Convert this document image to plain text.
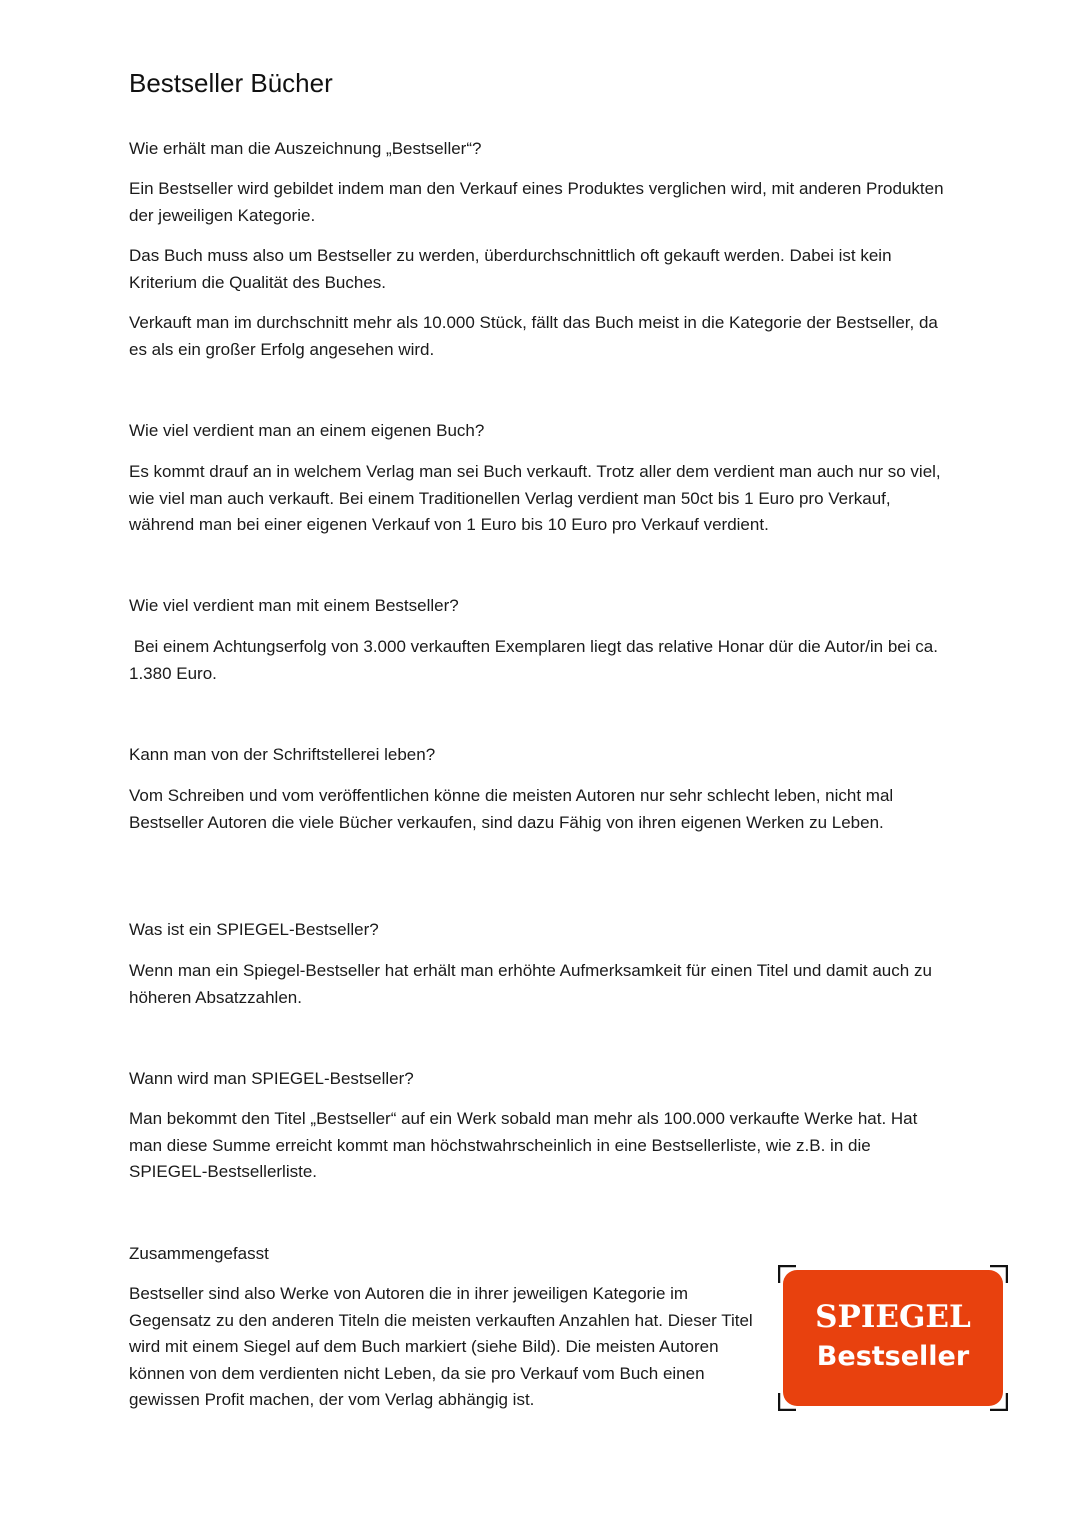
Bestseller Bücher

Wie erhält man die Auszeichnung „Bestseller“?

Ein Bestseller wird gebildet indem man den Verkauf eines Produktes verglichen wird, mit anderen Produkten der jeweiligen Kategorie.

Das Buch muss also um Bestseller zu werden, überdurchschnittlich oft gekauft werden. Dabei ist kein Kriterium die Qualität des Buches.

Verkauft man im durchschnitt mehr als 10.000 Stück, fällt das Buch meist in die Kategorie der Bestseller, da es als ein großer Erfolg angesehen wird.

Wie viel verdient man an einem eigenen Buch?

Es kommt drauf an in welchem Verlag man sei Buch verkauft. Trotz aller dem verdient man auch nur so viel, wie viel man auch verkauft. Bei einem Traditionellen Verlag verdient man 50ct bis 1 Euro pro Verkauf, während man bei einer eigenen Verkauf von 1 Euro bis 10 Euro pro Verkauf verdient.

Wie viel verdient man mit einem Bestseller?

Bei einem Achtungserfolg von 3.000 verkauften Exemplaren liegt das relative Honar dür die Autor/in bei ca. 1.380 Euro.

Kann man von der Schriftstellerei leben?

Vom Schreiben und vom veröffentlichen könne die meisten Autoren nur sehr schlecht leben, nicht mal Bestseller Autoren die viele Bücher verkaufen, sind dazu Fähig von ihren eigenen Werken zu Leben.

Was ist ein SPIEGEL-Bestseller?

Wenn man ein Spiegel-Bestseller hat erhält man erhöhte Aufmerksamkeit für einen Titel und damit auch zu höheren Absatzzahlen.

Wann wird man SPIEGEL-Bestseller?

Man bekommt den Titel „Bestseller“ auf ein Werk sobald man mehr als 100.000 verkaufte Werke hat. Hat man diese Summe erreicht kommt man höchstwahrscheinlich in eine Bestsellerliste, wie z.B. in die SPIEGEL-Bestsellerliste.

Zusammengefasst

Bestseller sind also Werke von Autoren die in ihrer jeweiligen Kategorie im Gegensatz zu den anderen Titeln die meisten verkauften Anzahlen hat. Dieser Titel wird mit einem Siegel auf dem Buch markiert (siehe Bild). Die meisten Autoren können von dem verdienten nicht Leben, da sie pro Verkauf vom Buch einen gewissen Profit machen, der vom Verlag abhängig ist.

SPIEGEL
Bestseller
